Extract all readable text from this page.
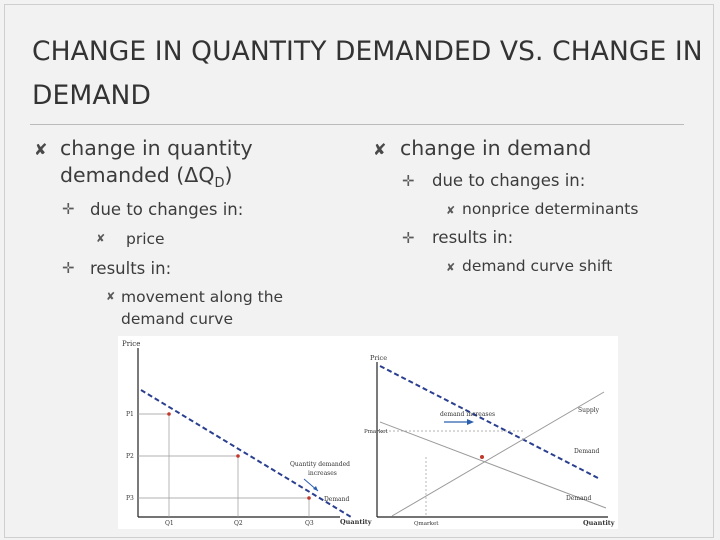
CHANGE IN QUANTITY DEMANDED VS. CHANGE IN DEMAND
✘ change in quantity
demanded $(\Delta Q_D)$
✛ due to changes in:
✘ price
✛ results in:
✘ movement along the
demand curve
✘ change in demand
✛ due to changes in:
✘ nonprice determinants
✛ results in:
✘ demand curve shift
Price
Quantity
P1
P2
P3
Q1	Q2	Q3
Quantity demanded
increases
Demand
Price
Quantity
Pmarket
Qmarket
demand increases
Supply
Demand
Demand
